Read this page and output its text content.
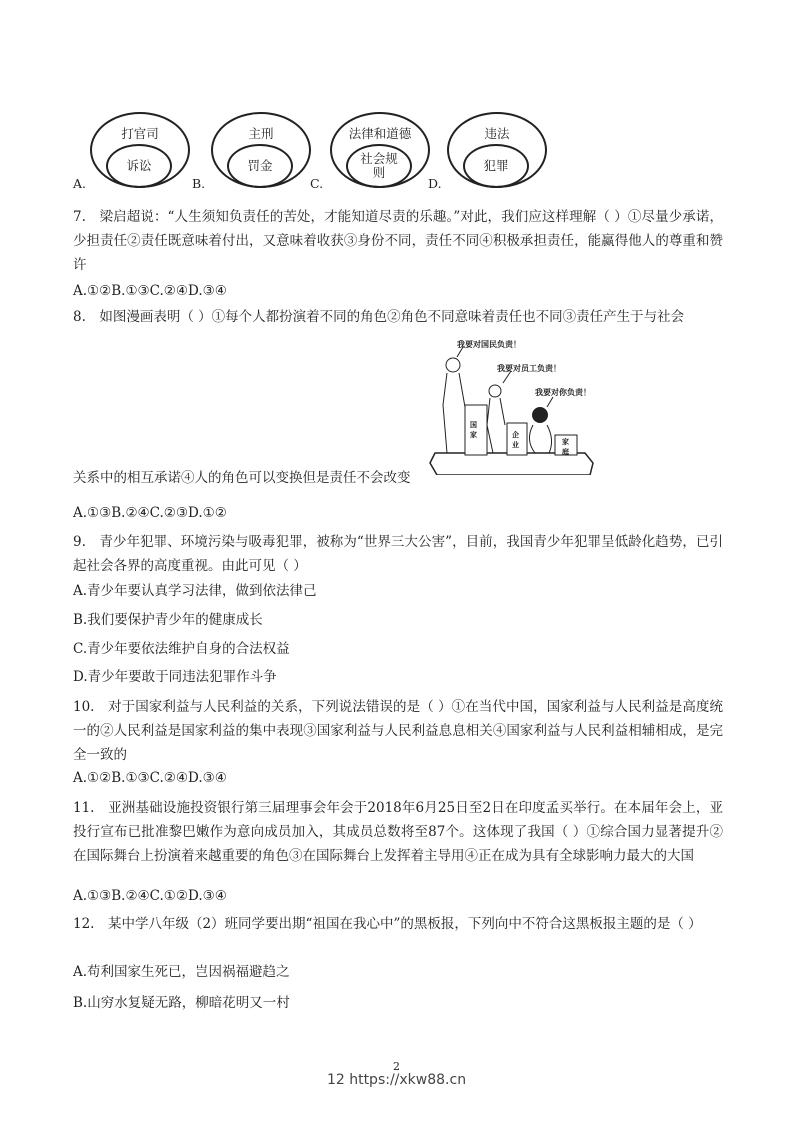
打官司
诉讼
A.
主刑
罚金
B.
法律和道德
社会规则
C.
违法
犯罪
D.
7.　梁启超说：“人生须知负责任的苦处，才能知道尽责的乐趣。”对此，我们应这样理解（ ）①尽量少承诺，少担责任②责任既意味着付出，又意味着收获③身份不同，责任不同④积极承担责任，能赢得他人的尊重和赞许
A.①②B.①③C.②④D.③④
8.　如图漫画表明（ ）①每个人都扮演着不同的角色②角色不同意味着责任也不同③责任产生于与社会
我要对国民负责！
我要对员工负责！
我要对你负责！
国家	企业	家庭
关系中的相互承诺④人的角色可以变换但是责任不会改变
A.①③B.②④C.②③D.①②
9.　青少年犯罪、环境污染与吸毒犯罪，被称为“世界三大公害”，目前，我国青少年犯罪呈低龄化趋势，已引起社会各界的高度重视。由此可见（ ）
A.青少年要认真学习法律，做到依法律己
B.我们要保护青少年的健康成长
C.青少年要依法维护自身的合法权益
D.青少年要敢于同违法犯罪作斗争
10.　对于国家利益与人民利益的关系，下列说法错误的是（ ）①在当代中国，国家利益与人民利益是高度统一的②人民利益是国家利益的集中表现③国家利益与人民利益息息相关④国家利益与人民利益相辅相成，是完全一致的
A.①②B.①③C.②④D.③④
11.　亚洲基础设施投资银行第三届理事会年会于2018年6月25日至2日在印度孟买举行。在本届年会上，亚投行宣布已批准黎巴嫩作为意向成员加入，其成员总数将至87个。这体现了我国（ ）①综合国力显著提升②在国际舞台上扮演着来越重要的角色③在国际舞台上发挥着主导用④正在成为具有全球影响力最大的大国
A.①③B.②④C.①②D.③④
12.　某中学八年级（2）班同学要出期“祖国在我心中”的黑板报，下列向中不符合这黑板报主题的是（ ）
A.苟利国家生死已，岂因祸福避趋之
B.山穷水复疑无路，柳暗花明又一村
2
12 https://xkw88.cn
